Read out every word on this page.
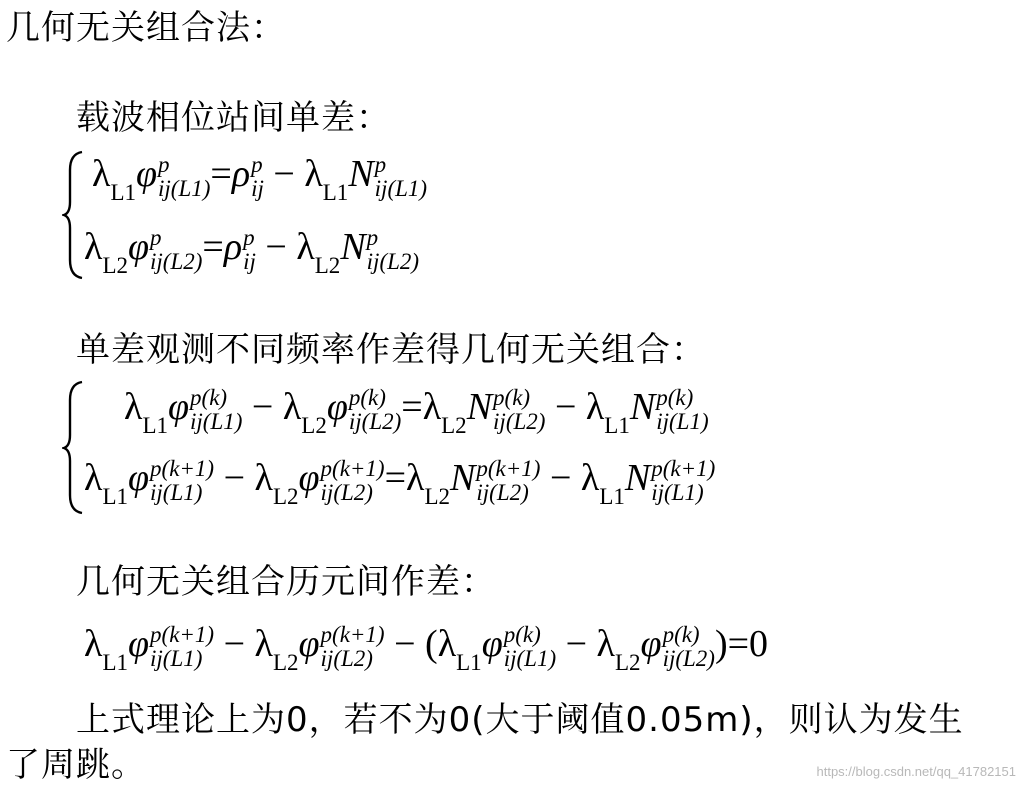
几何无关组合法：
载波相位站间单差：
$\lambda_{L1}\varphi$ p
ij(L1) =ρ p
ij − $\lambda_{L1}N$ p
ij(L1)
$\lambda_{L2}\varphi$ p
ij(L2) =ρ p
ij − $\lambda_{L2}N$ p
ij(L2)
单差观测不同频率作差得几何无关组合：
$\lambda_{L1}\varphi$ p(k)
$ij(L1) - \lambda_{L2}\varphi$ p(k)
$ij(L2) =\lambda_{L2}N$ p(k)
$ij(L2) - \lambda_{L1}N$ p(k)
ij(L1)
$\lambda_{L1}\varphi$ p(k+1)
$ij(L1) - \lambda_{L2}\varphi$ p(k+1)
$ij(L2) =\lambda_{L2}N$ p(k+1)
$ij(L2) - \lambda_{L1}N$ p(k+1)
ij(L1)
几何无关组合历元间作差：
$\lambda_{L1}\varphi$ p(k+1)
$ij(L1) - \lambda_{L2}\varphi$ p(k+1)
$ij(L2) - (\lambda_{L1}\varphi$ p(k)
$ij(L1) - \lambda_{L2}\varphi$ p(k)
ij(L2) )=0
上式理论上为0，若不为0(大于阈值0.05m)，则认为发生
了周跳。	https://blog.csdn.net/qq_41782151
